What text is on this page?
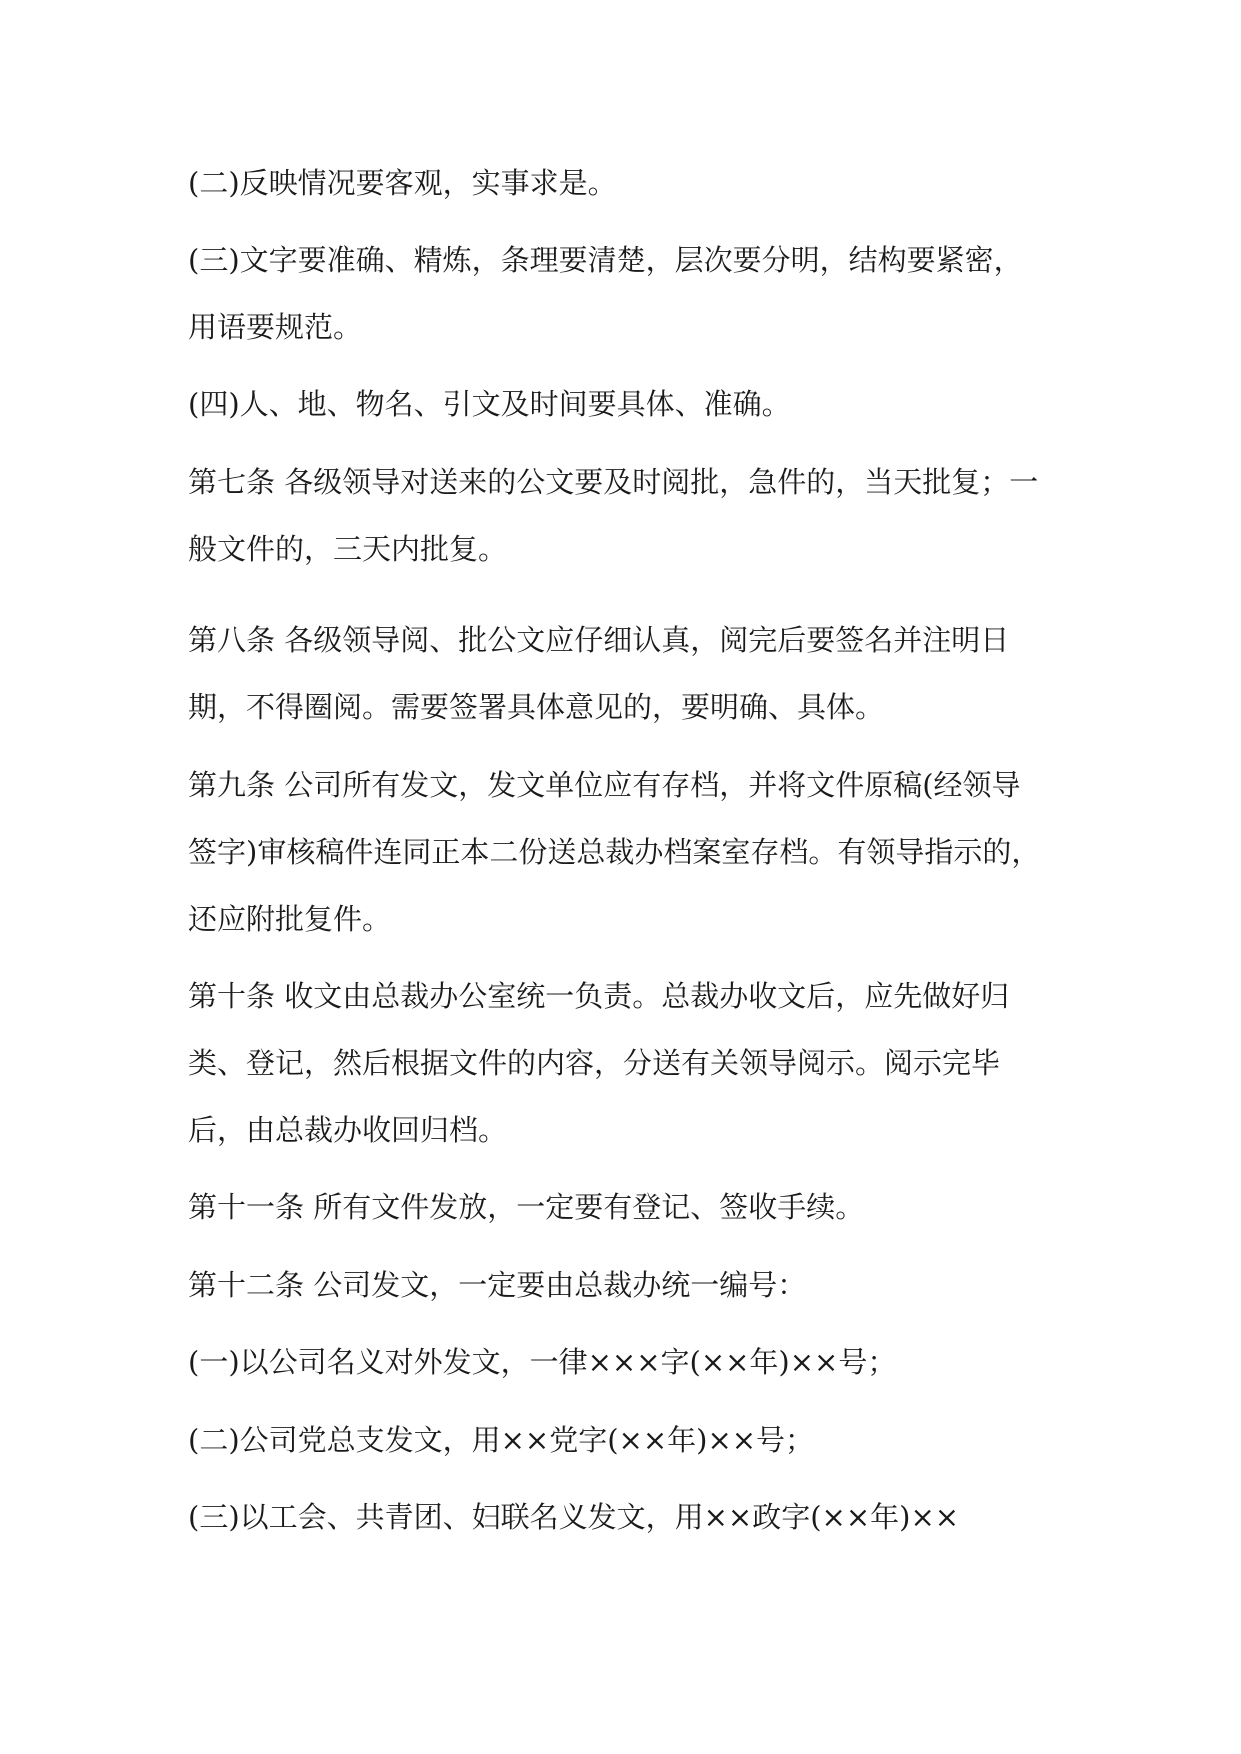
(二)反映情况要客观，实事求是。
(三)文字要准确、精炼，条理要清楚，层次要分明，结构要紧密，
用语要规范。
(四)人、地、物名、引文及时间要具体、准确。
第七条 各级领导对送来的公文要及时阅批，急件的，当天批复；一
般文件的，三天内批复。
第八条 各级领导阅、批公文应仔细认真，阅完后要签名并注明日
期，不得圈阅。需要签署具体意见的，要明确、具体。
第九条 公司所有发文，发文单位应有存档，并将文件原稿(经领导
签字)审核稿件连同正本二份送总裁办档案室存档。有领导指示的，
还应附批复件。
第十条 收文由总裁办公室统一负责。总裁办收文后，应先做好归
类、登记，然后根据文件的内容，分送有关领导阅示。阅示完毕
后，由总裁办收回归档。
第十一条 所有文件发放，一定要有登记、签收手续。
第十二条 公司发文，一定要由总裁办统一编号：
(一)以公司名义对外发文，一律×××字(××年)××号；
(二)公司党总支发文，用××党字(××年)××号；
(三)以工会、共青团、妇联名义发文，用××政字(××年)××
